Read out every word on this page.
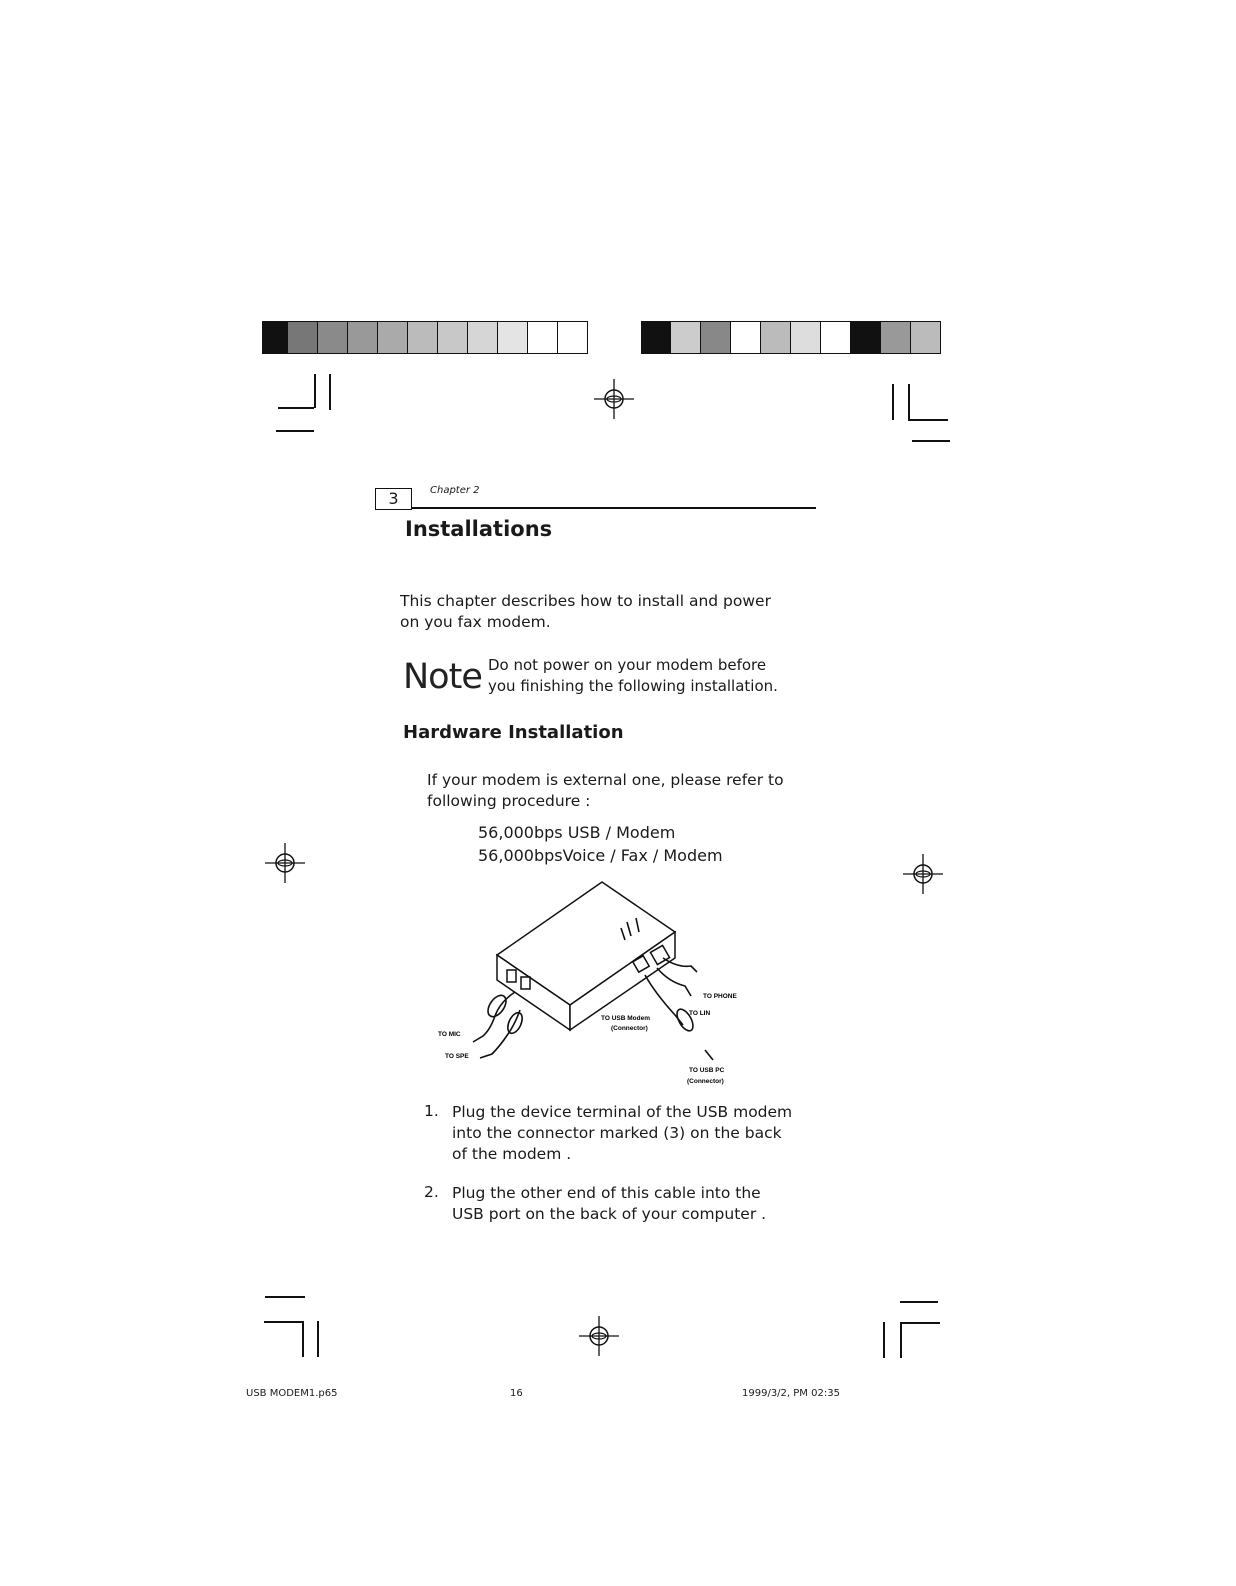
3	Chapter 2
Installations
This chapter describes how to install and power
on you fax modem.
Note Do not power on your modem before
you finishing the following installation.
Hardware Installation
If your modem is external one, please refer to
following procedure :
56,000bps USB / Modem
56,000bpsVoice / Fax / Modem
TO PHONE
TO LIN
TO USB Modem
(Connector)
TO MIC
TO SPE
TO USB PC
(Connector)
1. Plug the device terminal of the USB modem
into the connector marked (3) on the back
of the modem .
2. Plug the other end of this cable into the
USB port on the back of your computer .
USB MODEM1.p65	16	1999/3/2, PM 02:35
